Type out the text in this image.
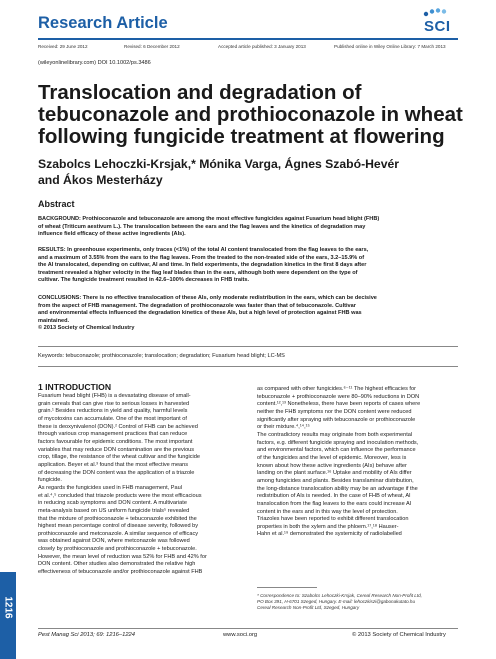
Research Article	SCI
Received: 29 June 2012	Revised: 6 December 2012	Accepted article published: 3 January 2013	Published online in Wiley Online Library: 7 March 2013
(wileyonlinelibrary.com) DOI 10.1002/ps.3486
Translocation and degradation of
tebuconazole and prothioconazole in wheat
following fungicide treatment at flowering
Szabolcs Lehoczki-Krsjak,* Mónika Varga, Ágnes Szabó-Hevér
and Ákos Mesterházy
Abstract
BACKGROUND: Prothioconazole and tebuconazole are among the most effective fungicides against Fusarium head blight (FHB)
of wheat (Triticum aestivum L.). The translocation between the ears and the flag leaves and the kinetics of degradation may
influence field efficacy of these active ingredients (AIs).
RESULTS: In greenhouse experiments, only traces (<1%) of the total AI content translocated from the flag leaves to the ears,
and a maximum of 3.55% from the ears to the flag leaves. From the treated to the non-treated side of the ears, 3.2–15.9% of
the AI translocated, depending on cultivar, AI and time. In field experiments, the degradation kinetics in the first 8 days after
treatment revealed a higher velocity in the flag leaf blades than in the ears, although both were dependent on the type of
cultivar. The fungicide treatment resulted in 42.6–100% decreases in FHB traits.
CONCLUSIONS: There is no effective translocation of these AIs, only moderate redistribution in the ears, which can be decisive
from the aspect of FHB management. The degradation of prothioconazole was faster than that of tebuconazole. Cultivar
and environmental effects influenced the degradation kinetics of these AIs, but a high level of protection against FHB was
maintained.
© 2013 Society of Chemical Industry
Keywords: tebuconazole; prothioconazole; translocation; degradation; Fusarium head blight; LC-MS
1 INTRODUCTION
Fusarium head blight (FHB) is a devastating disease of small-
grain cereals that can give rise to serious losses in harvested
grain.¹ Besides reductions in yield and quality, harmful levels
of mycotoxins can accumulate. One of the most important of
these is deoxynivalenol (DON).² Control of FHB can be achieved
through various crop management practices that can reduce
factors favourable for epidemic conditions. The most important
variables that may reduce DON contamination are the previous
crop, tillage, the resistance of the wheat cultivar and the fungicide
application. Beyer et al.³ found that the most effective means
of decreasing the DON content was the application of a triazole
fungicide.
As regards the fungicides used in FHB management, Paul
et al.⁴,⁵ concluded that triazole products were the most efficacious
in reducing scab symptoms and DON content. A multivariate
meta-analysis based on US uniform fungicide trials⁵ revealed
that the mixture of prothioconazole + tebuconazole exhibited the
highest mean percentage control of disease severity, followed by
prothioconazole and metconazole. A similar sequence of efficacy
was obtained against DON, where metconazole was followed
closely by prothioconazole and prothioconazole + tebuconazole.
However, the mean level of reduction was 52% for FHB and 42% for
DON content. Other studies also demonstrated the relative high
effectiveness of tebuconazole and/or prothioconazole against FHB
as compared with other fungicides.⁶⁻¹¹ The highest efficacies for
tebuconazole + prothioconazole were 80–90% reductions in DON
content.¹²,¹³ Nonetheless, there have been reports of cases where
neither the FHB symptoms nor the DON content were reduced
significantly after spraying with tebuconazole or prothioconazole
or their mixture.⁴,¹⁴,¹⁵
The contradictory results may originate from both experimental
factors, e.g. different fungicide spraying and inoculation methods,
and environmental factors, which can influence the performance
of the fungicides and the level of epidemic. Moreover, less is
known about how these active ingredients (AIs) behave after
landing on the plant surface.¹⁶ Uptake and mobility of AIs differ
among fungicides and plants. Besides translaminar distribution,
the long-distance translocation ability may be an advantage if the
redistribution of AIs is needed. In the case of FHB of wheat, AI
translocation from the flag leaves to the ears could increase AI
content in the ears and in this way the level of protection.
Triazoles have been reported to exhibit different translocation
properties in both the xylem and the phloem.¹⁷,¹⁸ Hauser-
Hahn et al.¹⁹ demonstrated the systemicity of radiolabelled
* Correspondence to: Szabolcs Lehoczki-Krsjak, Cereal Research Non-Profit Ltd,
PO Box 391, H-6701 Szeged, Hungary. E-mail: lehoczkiszi@gabonakutato.hu
Cereal Research Non-Profit Ltd, Szeged, Hungary
1216
Pest Manag Sci 2013; 69: 1216–1224	www.soci.org	© 2013 Society of Chemical Industry
